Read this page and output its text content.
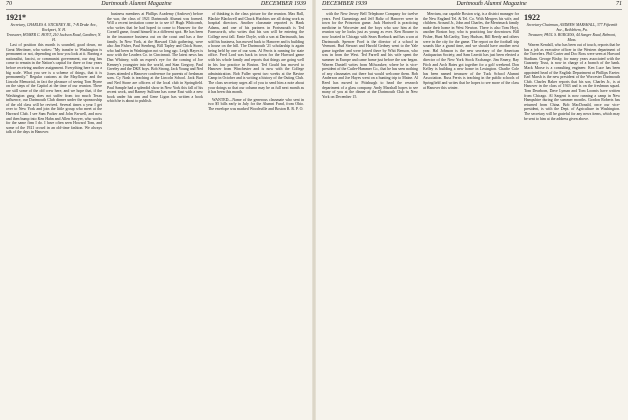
70	Dartmouth Alumni Magazine	DECEMBER 1939
1921*
Secretary, CHARLES A. STICKNEY JR., 7-B Drake Ave., Rockport, N. H.
Treasurer, HOMER C. HOYT, 210 Jackson Road, Gardiner, N. H.

Last of position this month is sounded, goad down, no Great Mertimer, who writes: "My transfer to Washington is permanent or not, depending on how you look at it. Barring a nationalist, fascist, or communist government, our ring has come to remain in the Nation's capital for three or four years before receiving another assignment. Everything here is on a big scale. What you see is a scheme of things, that it is permanently." Regular customs at the Mayflower and the Lincoln Memorial, in fact the pleasure of seeing Tom Byrne on the steps of the Capitol at the time of our reunion. There are still some of the old crew here, and we hope that, if the Washington gang does not suffer from too much Texas influence, our Dartmouth Club dinner under the sponsorship of the old class will be revived. Several times a year I get over to New York and join the little group who meet at the Harvard Club. I see Sam Packer and John Farwell, and now and then bump into Ken Hahn and Allen Sawyer, who works for the same firm I do. I have often seen Howard Tom, and some of the 1921 crowd in an old-time fashion. We always talk of the days in Hanover.

business members at Phillips Academy (Andover) before the war, the class of 1921 Dartmouth Alumni was formed. Will a recent invitation come in to see it? Hugh Whitcomb, who writes that he had hoped to come to Hanover for the Cornell game, found himself in a different spot. He has been in the insurance business out on the coast and has a fine family. In New York, at the Harvard Club gathering, were also Jim Fisher, Paul Stenberg, Bill Tapley and Chick Stone, who had been in Washington not so long ago. Leigh Hayes is now with the Leaders Co. in Cincinnati. The latest news has Dan Whitney, with an expert's eye for the coming of Joe Kenney's youngster into the world, and Stan Gregory, Paul Greeley and the DKE boys. Bob Strong, Jack Young and Ned Jones attended a Hanover conference for parents of freshman sons. Cy Nash is teaching at the Lincoln School. Jack Burt and Ned Stone are officers of the local club in Springfield. Paul Sample had a splendid show in New York this fall of his recent work, and Barney Sullivan has come East with a new book under his arm and Gene Ligon has written a book which he is about to publish.

of thinking is the class picture for the reunion. Max Ball, Blackie Blackwell and Chuck Hutchins are all doing work as hospital directors. Another classmate reported is Hank Adams, and one of his partners in Portsmouth is Ted Farnsworth, who writes that his son will be entering the College next fall. Ernie Doyle, with a son at Dartmouth, has sold his business, has moved back to Hanover and is building a house on the hill. The Dartmouth '21 scholarship is again being held by one of our sons. Al Ferris is running for state office. Fred Lord was back in town for the Harvard game with his whole family and reports that things are going well in his law practice in Boston. Ted Gould has moved to Hanover from Winchester and is now with the College administration. Bob Fuller spent two weeks at the Ravine Camp in October and is writing a history of the Outing Club. The class secretary urges all of you to send him a note about your doings so that our column may be as full next month as it has been this month.

WANTED—Name of the generous classmate who sent in two $5 bills early in July for the Alumni Fund, from Ohio. The envelope was marked Woodsville and Boston R. R. P. O.

DECEMBER 1939	Dartmouth Alumni Magazine	71

with the New Jersey Bell Telephone Company for twelve years. Fred Cummings and Jeff Baltz of Hanover were in town for the Princeton game. Jack Hartwell is practicing medicine in Worcester and the boys who saw him at the reunion say he looks just as young as ever. Ken Bourne is now located in Chicago with Sears Roebuck and has a son at Dartmouth. Spencer Ford is the director of a school in Vermont. Bud Stewart and Harold Gedney went to the Yale game together and were joined there by Whit Benson, who was in from the West. Ted Farrell and his wife spent the summer in Europe and came home just before the war began. Warren Daniell writes from Milwaukee, where he is vice-president of the Cutler-Hammer Co., that he has seen nothing of any classmates out there but would welcome them. Bob Anderson and Joe Hayes went on a hunting trip to Maine. Al Reed has moved to Pittsburgh to head the research department of a glass company. Andy Marshall hopes to see many of you at the dinner at the Dartmouth Club in New York on December 15.

Merriam, our capable Boston wig, is a district manager for the New England Tel. & Tel. Co. With Mergers his wife, and children. Around Jr., John and Charles, the Merrimack family make their home in West Newton. There is also Tom Hoyt, another Boston boy, who is practicing law downtown. Bill Fisher, Hunt McCarthy, Tony Hudson, Bill Reedy and others were in the city for the game. The report on the football trip sounds like a grand time, and we should have another next year. Hal Johnson is the new secretary of the American Antiquarian Society, and Sam Leavitt has just been elected a director of the New York Stock Exchange. Jim Emery, Ray Fitch and Arch Bates got together for a golf weekend. Don Kelley is building a new home in Lexington. Charlie Cole has been named treasurer of the Tuck School Alumni Association. Russ Ferris is teaching in the public schools of Springfield and writes that he hopes to see more of the class at Hanover this winter.

1922
Secretary-Chairman, ANDREW MARSHALL, 377 Fifteenth Ave., Bethlehem, Pa.
Treasurer, PAUL S. BURGESS, 44 Sanger Road, Belmont, Mass.

Warren Kendall, who has been out of touch, reports that he has a job as executive officer in the Western department of the Travelers. Phil Carter and Doc Ross were seen at Harvard Stadium. George Bixby, for many years associated with the Guaranty Trust, is now in charge of a branch of the bank. Mack Morse is a consulting engineer. Ken Luce has been appointed head of the English Department at Phillips Exeter. Earl Marsh is the new president of the Worcester Dartmouth Club. Charles Baker reports that his son, Charles Jr., is at Hanover in the class of 1943 and is on the freshman squad. Tom Dearborn, Dave Lyman and Tom Loomis have written from Chicago. Al Sargent is now running a camp in New Hampshire during the summer months. Gordon Roberts has returned from China. Bob MacDonald, once our vice-president, is with the Dept. of Agriculture in Washington. The secretary will be grateful for any news items, which may be sent to him at the address given above.
